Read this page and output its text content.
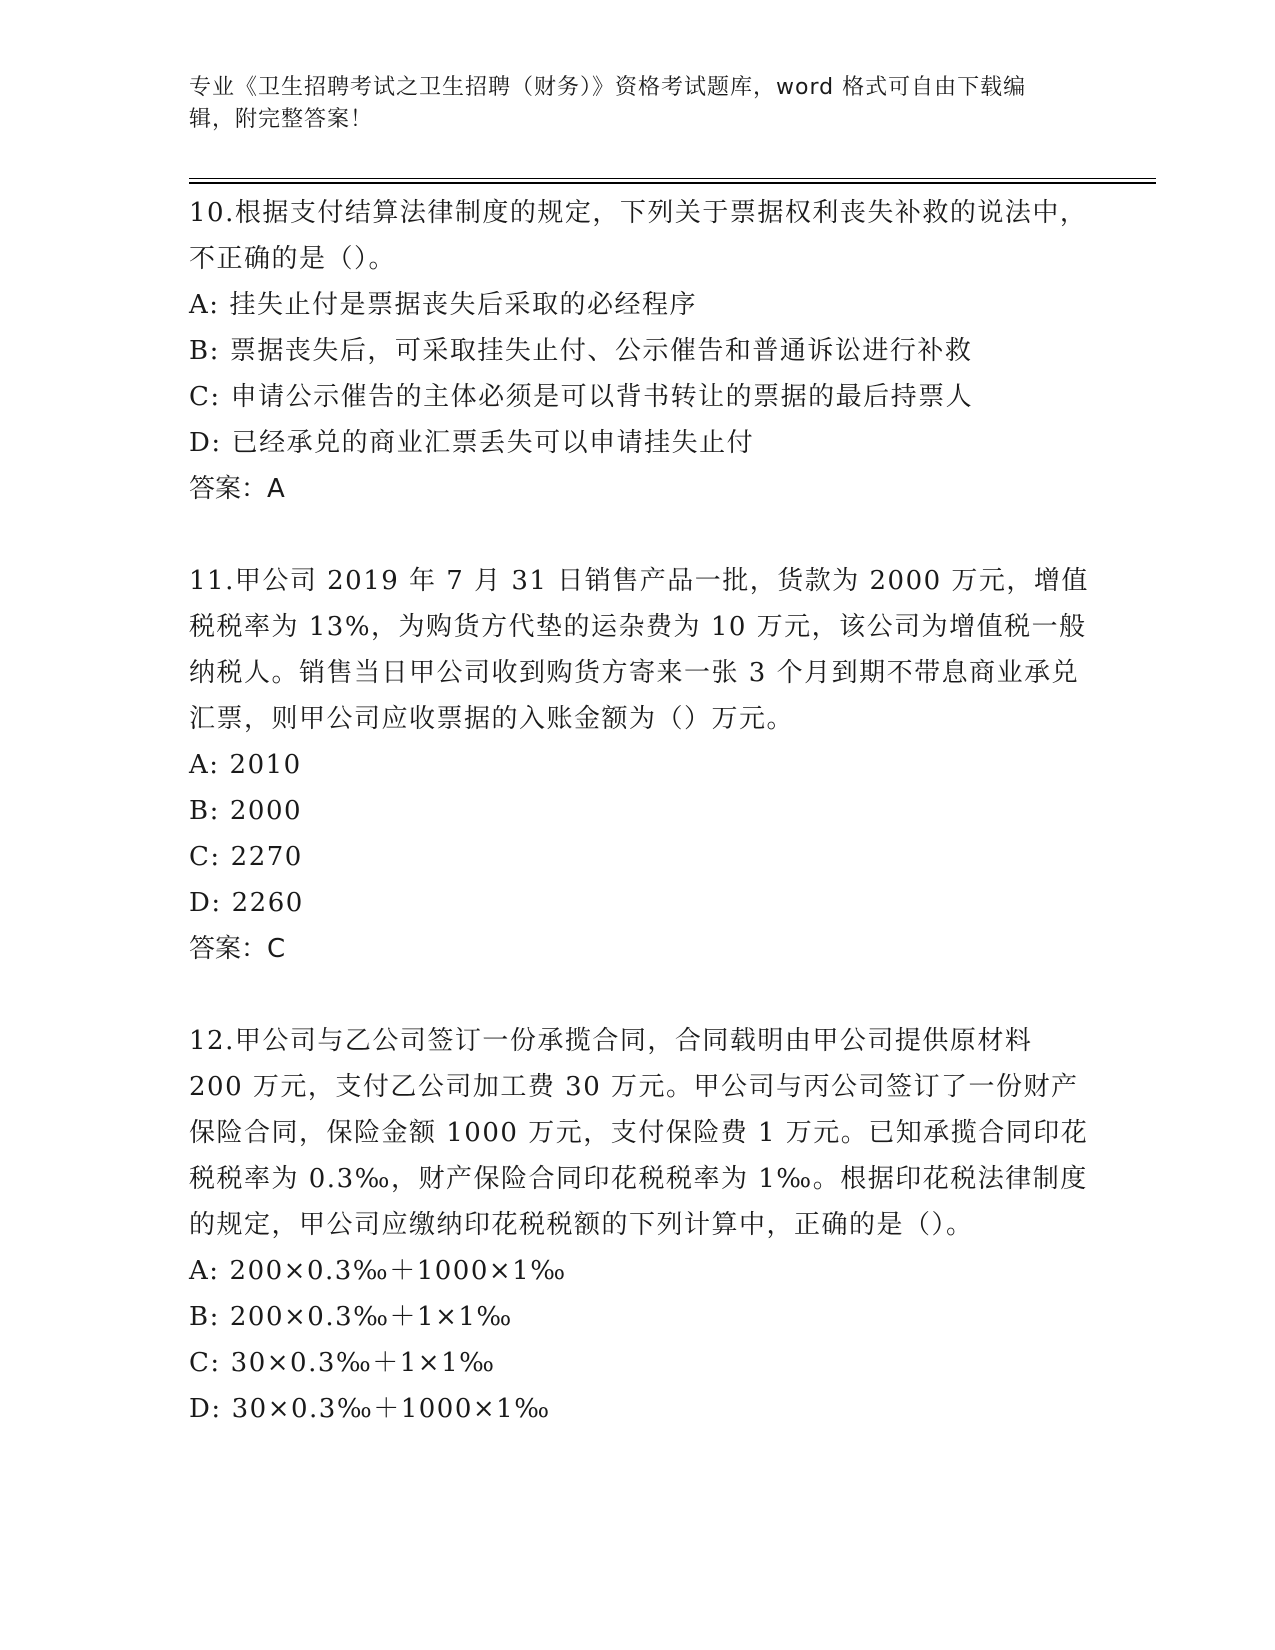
专业《卫生招聘考试之卫生招聘（财务）》资格考试题库，word 格式可自由下载编辑，附完整答案！

10.根据支付结算法律制度的规定，下列关于票据权利丧失补救的说法中，不正确的是（）。

A: 挂失止付是票据丧失后采取的必经程序

B: 票据丧失后，可采取挂失止付、公示催告和普通诉讼进行补救

C: 申请公示催告的主体必须是可以背书转让的票据的最后持票人

D: 已经承兑的商业汇票丢失可以申请挂失止付

答案：A

11.甲公司 2019 年 7 月 31 日销售产品一批，货款为 2000 万元，增值税税率为 13%，为购货方代垫的运杂费为 10 万元，该公司为增值税一般纳税人。销售当日甲公司收到购货方寄来一张 3 个月到期不带息商业承兑汇票，则甲公司应收票据的入账金额为（）万元。

A: 2010

B: 2000

C: 2270

D: 2260

答案：C

12.甲公司与乙公司签订一份承揽合同，合同载明由甲公司提供原材料 200 万元，支付乙公司加工费 30 万元。甲公司与丙公司签订了一份财产保险合同，保险金额 1000 万元，支付保险费 1 万元。已知承揽合同印花税税率为 0.3‰，财产保险合同印花税税率为 1‰。根据印花税法律制度的规定，甲公司应缴纳印花税税额的下列计算中，正确的是（）。

A: 200×0.3‰＋1000×1‰

B: 200×0.3‰＋1×1‰

C: 30×0.3‰＋1×1‰

D: 30×0.3‰＋1000×1‰
